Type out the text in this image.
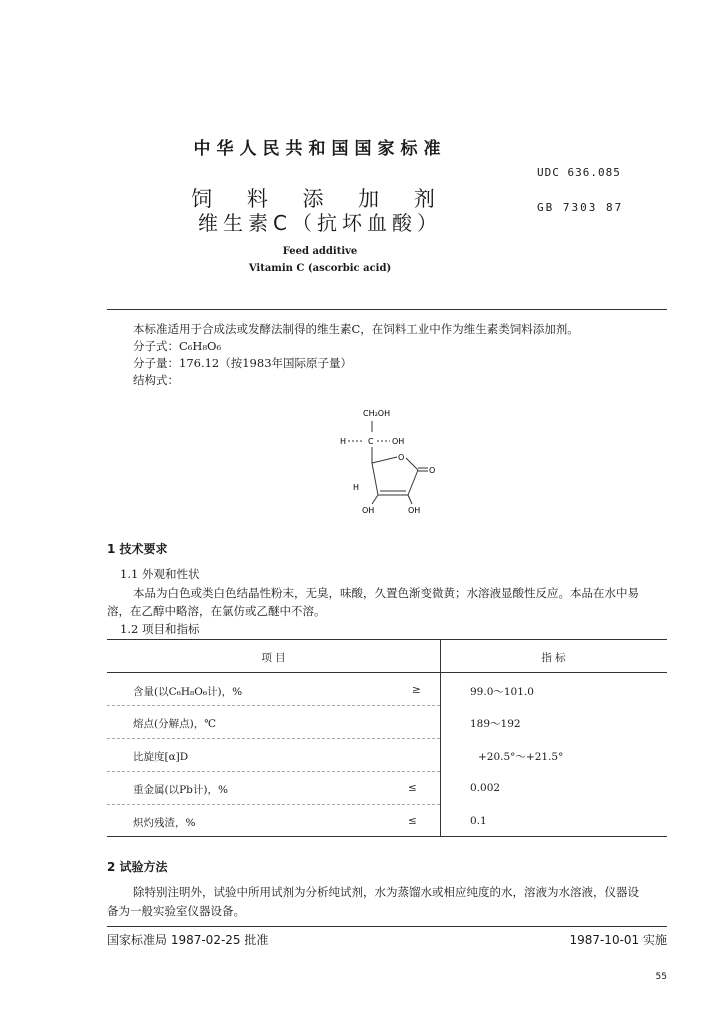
中华人民共和国国家标准
UDC 636.085
饲 料 添 加 剂	GB 7303 87
维生素C（抗坏血酸）
Feed additive
Vitamin C (ascorbic acid)
本标准适用于合成法或发酵法制得的维生素C，在饲料工业中作为维生素类饲料添加剂。
分子式：C₆H₈O₆
分子量：176.12（按1983年国际原子量）
结构式：
CH₂OH
H	C OH
O
O
H
OH	OH
1 技术要求
1.1 外观和性状
本品为白色或类白色结晶性粉末，无臭，味酸，久置色渐变微黄；水溶液显酸性反应。本品在水中易
溶，在乙醇中略溶，在氯仿或乙醚中不溶。
1.2 项目和指标
项 目	指 标
含量(以C₆H₈O₆计)，%	≥	99.0～101.0
熔点(分解点)，℃	189～192
比旋度[α]D	+20.5°～+21.5°
重金属(以Pb计)，%	≤	0.002
炽灼残渣，%	≤	0.1
2 试验方法
除特别注明外，试验中所用试剂为分析纯试剂，水为蒸馏水或相应纯度的水，溶液为水溶液，仪器设
备为一般实验室仪器设备。
国家标准局 1987-02-25 批准	1987-10-01 实施
55
